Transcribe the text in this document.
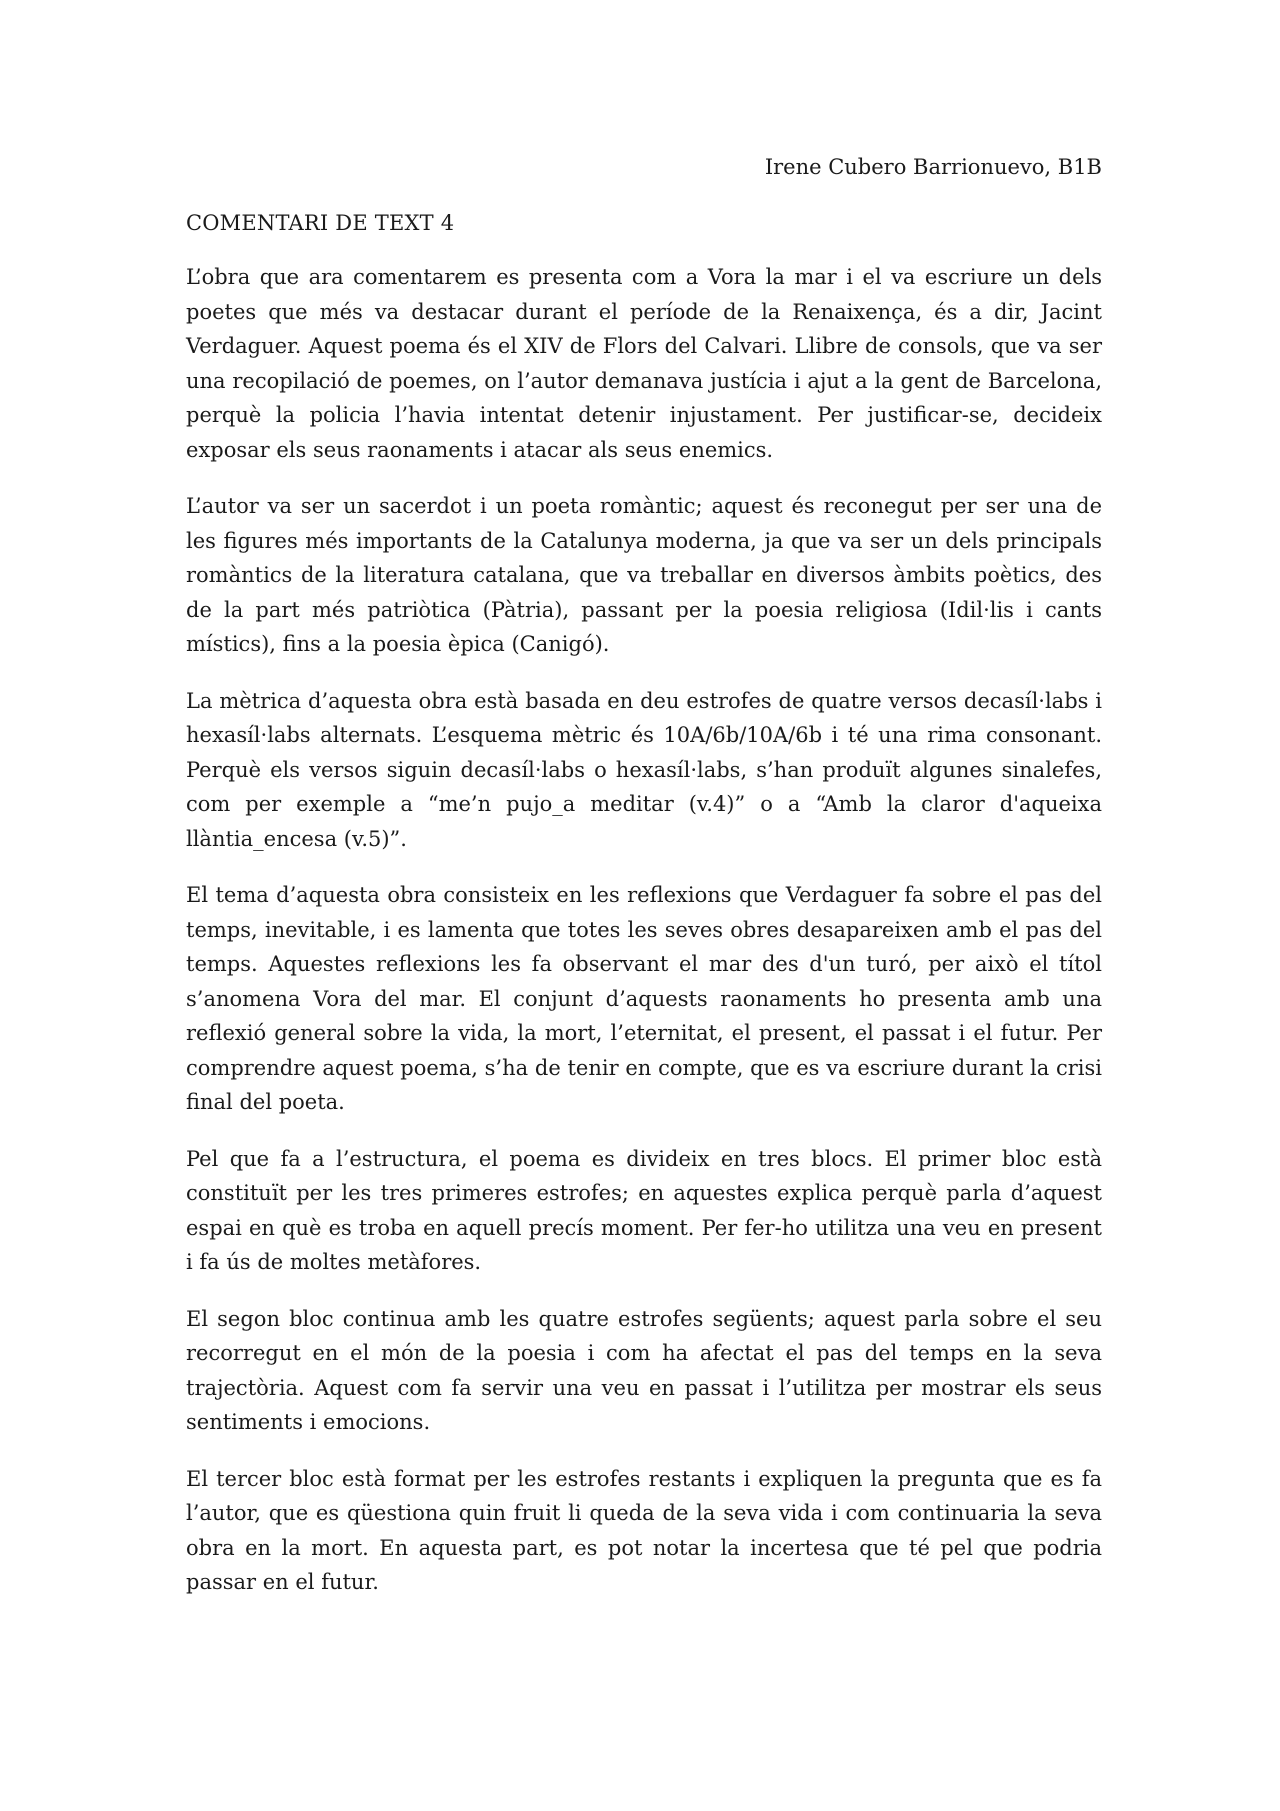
Irene Cubero Barrionuevo, B1B

COMENTARI DE TEXT 4

L’obra que ara comentarem es presenta com a Vora la mar i el va escriure un dels poetes que més va destacar durant el període de la Renaixença, és a dir, Jacint Verdaguer. Aquest poema és el XIV de Flors del Calvari. Llibre de consols, que va ser una recopilació de poemes, on l’autor demanava justícia i ajut a la gent de Barcelona, perquè la policia l’havia intentat detenir injustament. Per justificar-se, decideix exposar els seus raonaments i atacar als seus enemics.

L’autor va ser un sacerdot i un poeta romàntic; aquest és reconegut per ser una de les figures més importants de la Catalunya moderna, ja que va ser un dels principals romàntics de la literatura catalana, que va treballar en diversos àmbits poètics, des de la part més patriòtica (Pàtria), passant per la poesia religiosa (Idil·lis i cants místics), fins a la poesia èpica (Canigó).

La mètrica d’aquesta obra està basada en deu estrofes de quatre versos decasíl·labs i hexasíl·labs alternats. L’esquema mètric és 10A/6b/10A/6b i té una rima consonant. Perquè els versos siguin decasíl·labs o hexasíl·labs, s’han produït algunes sinalefes, com per exemple a “me’n pujo_a meditar (v.4)” o a “Amb la claror d'aqueixa llàntia_encesa (v.5)”.

El tema d’aquesta obra consisteix en les reflexions que Verdaguer fa sobre el pas del temps, inevitable, i es lamenta que totes les seves obres desapareixen amb el pas del temps. Aquestes reflexions les fa observant el mar des d'un turó, per això el títol s’anomena Vora del mar. El conjunt d’aquests raonaments ho presenta amb una reflexió general sobre la vida, la mort, l’eternitat, el present, el passat i el futur. Per comprendre aquest poema, s’ha de tenir en compte, que es va escriure durant la crisi final del poeta.

Pel que fa a l’estructura, el poema es divideix en tres blocs. El primer bloc està constituït per les tres primeres estrofes; en aquestes explica perquè parla d’aquest espai en què es troba en aquell precís moment. Per fer-ho utilitza una veu en present i fa ús de moltes metàfores.

El segon bloc continua amb les quatre estrofes següents; aquest parla sobre el seu recorregut en el món de la poesia i com ha afectat el pas del temps en la seva trajectòria. Aquest com fa servir una veu en passat i l’utilitza per mostrar els seus sentiments i emocions.

El tercer bloc està format per les estrofes restants i expliquen la pregunta que es fa l’autor, que es qüestiona quin fruit li queda de la seva vida i com continuaria la seva obra en la mort. En aquesta part, es pot notar la incertesa que té pel que podria passar en el futur.
